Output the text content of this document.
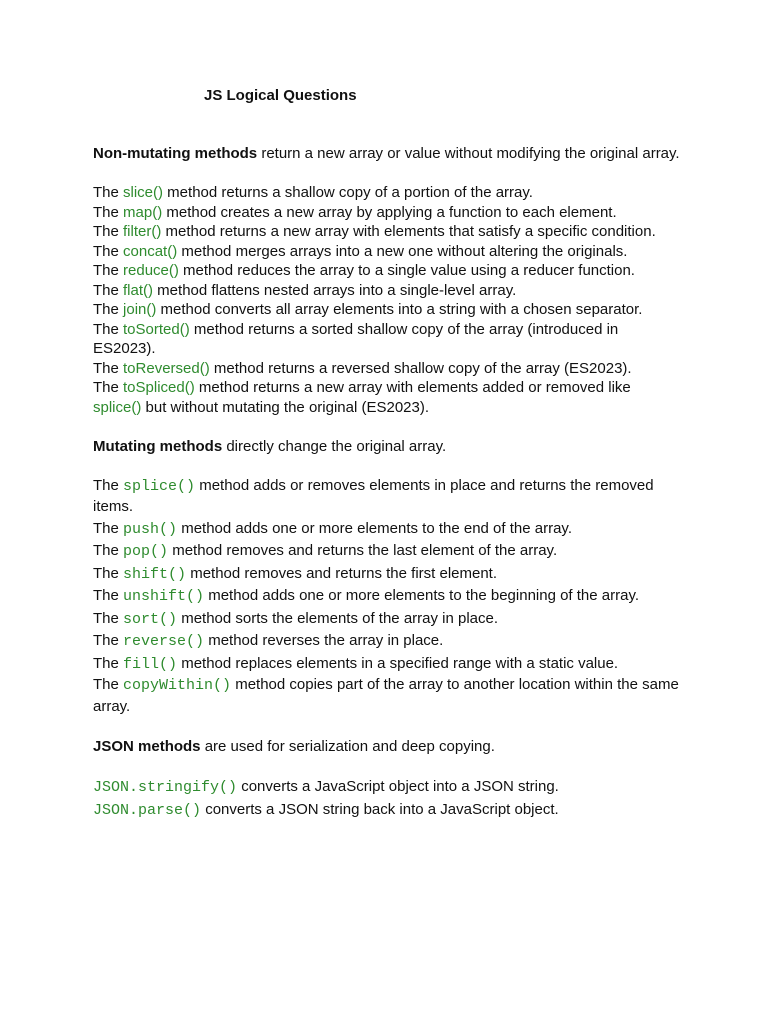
JS Logical Questions

Non-mutating methods return a new array or value without modifying the original array.

The slice() method returns a shallow copy of a portion of the array.

The map() method creates a new array by applying a function to each element.

The filter() method returns a new array with elements that satisfy a specific condition.

The concat() method merges arrays into a new one without altering the originals.

The reduce() method reduces the array to a single value using a reducer function.

The flat() method flattens nested arrays into a single-level array.

The join() method converts all array elements into a string with a chosen separator.

The toSorted() method returns a sorted shallow copy of the array (introduced in ES2023).

The toReversed() method returns a reversed shallow copy of the array (ES2023).

The toSpliced() method returns a new array with elements added or removed like splice() but without mutating the original (ES2023).

Mutating methods directly change the original array.

The splice() method adds or removes elements in place and returns the removed items.

The push() method adds one or more elements to the end of the array.

The pop() method removes and returns the last element of the array.

The shift() method removes and returns the first element.

The unshift() method adds one or more elements to the beginning of the array.

The sort() method sorts the elements of the array in place.

The reverse() method reverses the array in place.

The fill() method replaces elements in a specified range with a static value.

The copyWithin() method copies part of the array to another location within the same array.

JSON methods are used for serialization and deep copying.

JSON.stringify() converts a JavaScript object into a JSON string.

JSON.parse() converts a JSON string back into a JavaScript object.
